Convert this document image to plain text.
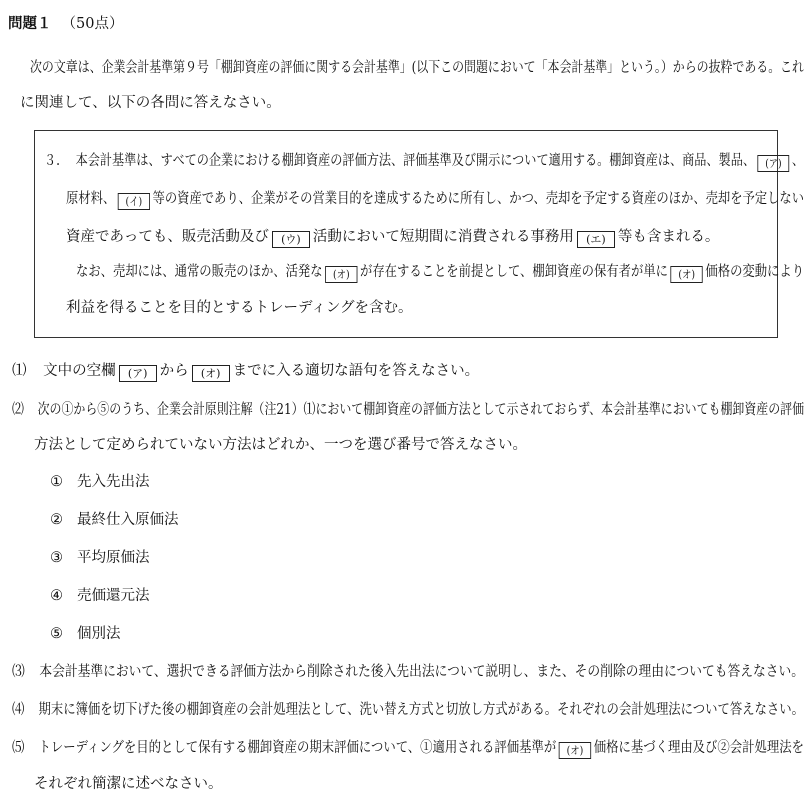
問題１ （50点）
次の文章は、企業会計基準第９号「棚卸資産の評価に関する会計基準」(以下この問題において「本会計基準」という。）からの抜粋である。これ
に関連して、以下の各問に答えなさい。
３. 本会計基準は、すべての企業における棚卸資産の評価方法、評価基準及び開示について適用する。棚卸資産は、商品、製品、 (ア) 、
原材料、 (イ) 等の資産であり、企業がその営業目的を達成するために所有し、かつ、売却を予定する資産のほか、売却を予定しない
資産であっても、販売活動及び (ウ) 活動において短期間に消費される事務用 (エ) 等も含まれる。
なお、売却には、通常の販売のほか、活発な (オ) が存在することを前提として、棚卸資産の保有者が単に (オ) 価格の変動により
利益を得ることを目的とするトレーディングを含む。
⑴ 文中の空欄 (ア) から (オ) までに入る適切な語句を答えなさい。
⑵ 次の①から⑤のうち、企業会計原則注解（注21）⑴において棚卸資産の評価方法として示されておらず、本会計基準においても棚卸資産の評価
方法として定められていない方法はどれか、一つを選び番号で答えなさい。
① 先入先出法
② 最終仕入原価法
③ 平均原価法
④ 売価還元法
⑤ 個別法
⑶ 本会計基準において、選択できる評価方法から削除された後入先出法について説明し、また、その削除の理由についても答えなさい。
⑷ 期末に簿価を切下げた後の棚卸資産の会計処理法として、洗い替え方式と切放し方式がある。それぞれの会計処理法について答えなさい。
⑸ トレーディングを目的として保有する棚卸資産の期末評価について、①適用される評価基準が (オ) 価格に基づく理由及び②会計処理法を
それぞれ簡潔に述べなさい。
